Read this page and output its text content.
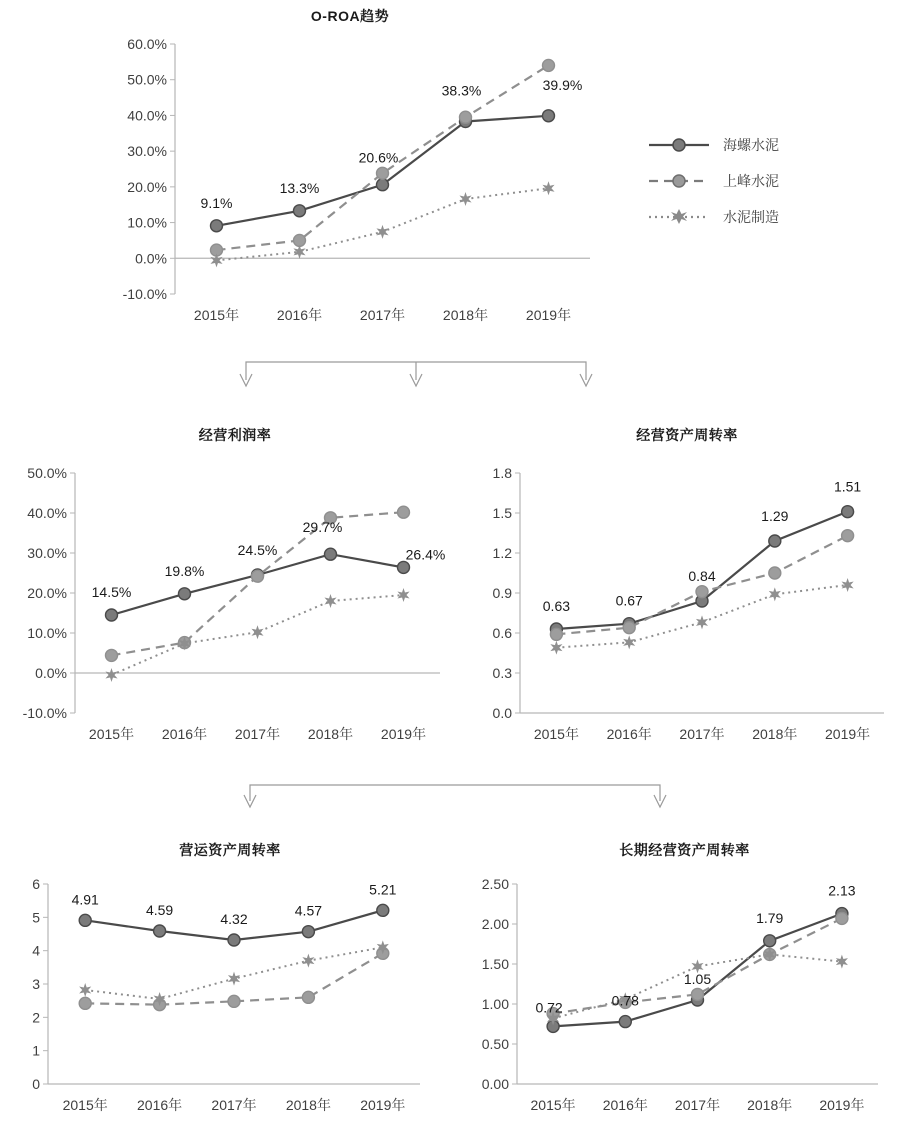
O-ROA趋势
-10.0%
0.0%
10.0%
20.0%
30.0%
40.0%
50.0%
60.0%
2015年	2016年	2017年	2018年	2019年
9.1%
13.3%
20.6%
38.3%	39.9%
海螺水泥
上峰水泥
水泥制造
经营利润率
-10.0%
0.0%
10.0%
20.0%
30.0%
40.0%
50.0%
2015年 2016年 2017年 2018年 2019年
14.5%
19.8%
24.5%
29.7%
26.4%
经营资产周转率
0.0
0.3
0.6
0.9
1.2
1.5
1.8
2015年 2016年 2017年 2018年 2019年
0.63	0.67
0.84
1.29
1.51
营运资产周转率
0
1
2
3
4
5
6
2015年 2016年 2017年 2018年 2019年
4.91
4.59
4.32
4.57
5.21
长期经营资产周转率
0.00
0.50
1.00
1.50
2.00
2.50
2015年 2016年 2017年 2018年 2019年
0.72	0.78
1.05
1.79
2.13
